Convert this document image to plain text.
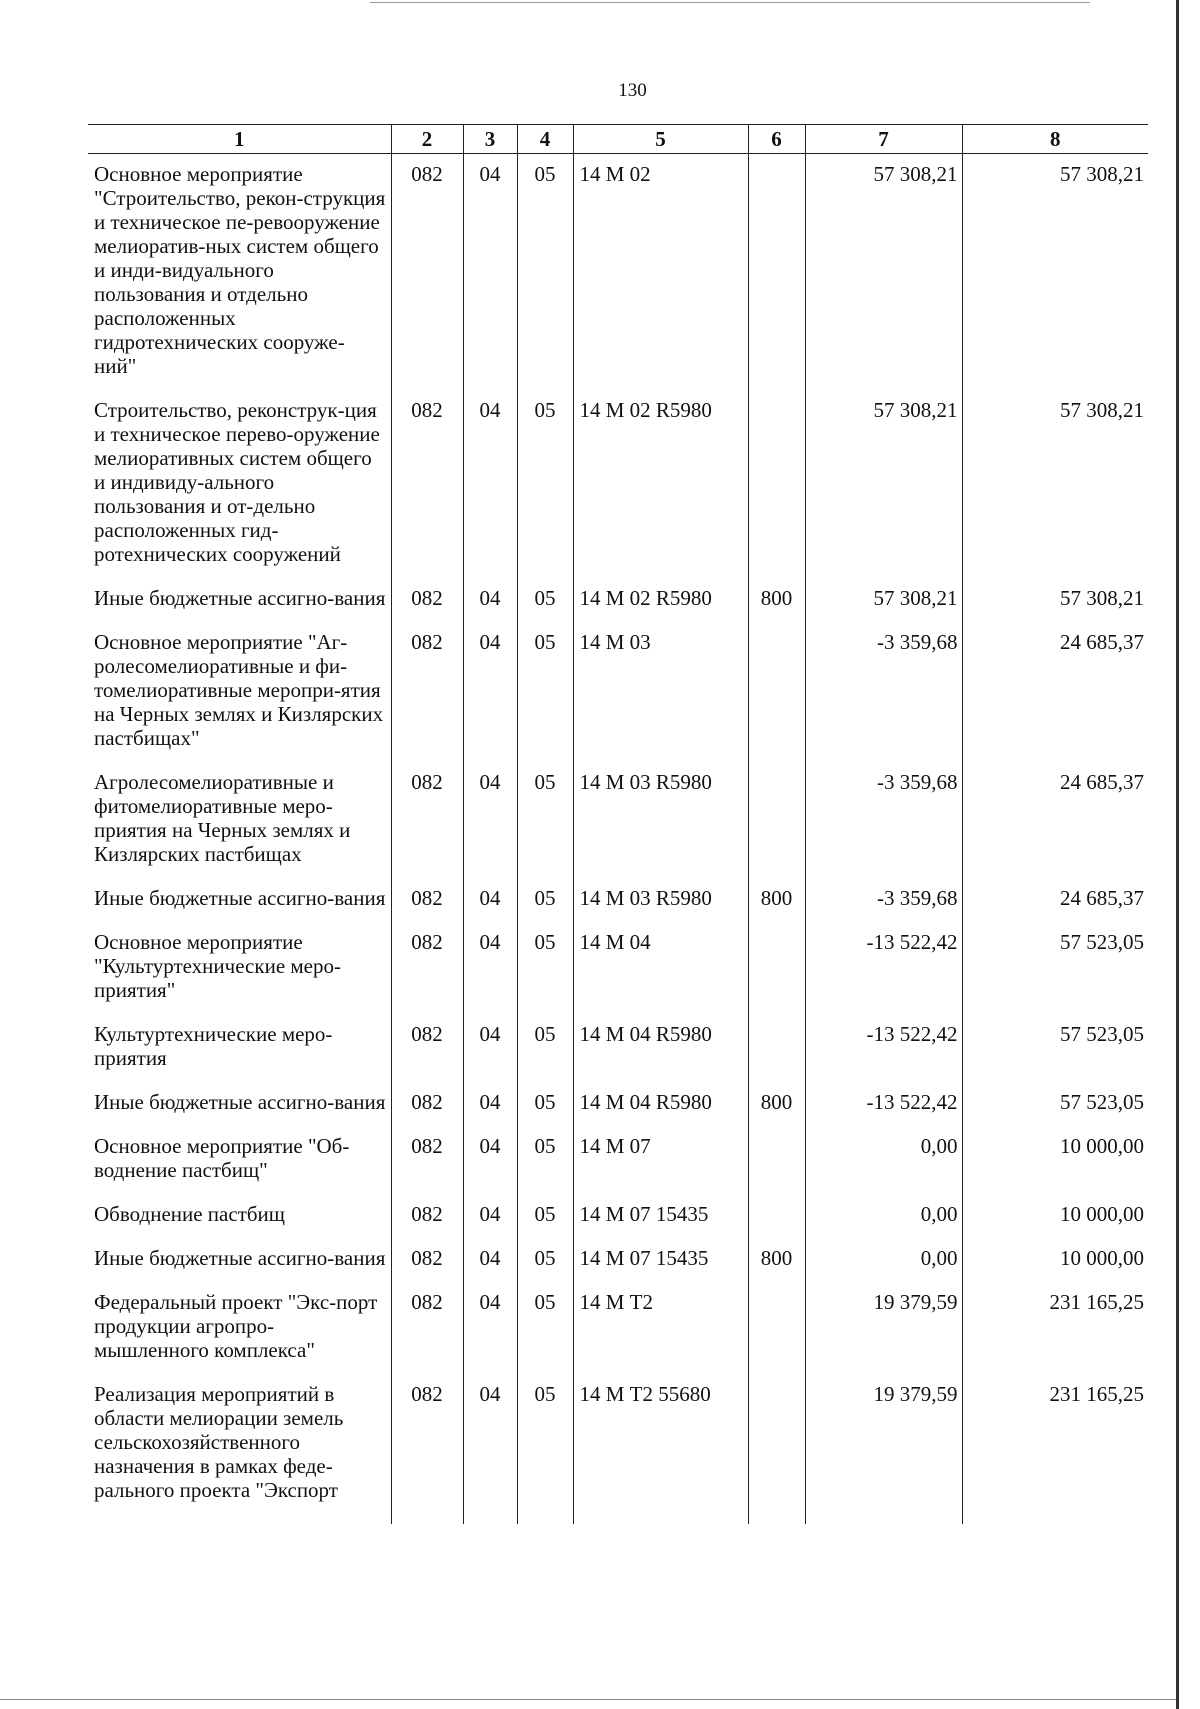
130
1	2	3	4	5	6	7	8
Основное мероприятие "Строительство, рекон-струкция и техническое пе-ревооружение мелиоратив-ных систем общего и инди-видуального пользования и отдельно расположенных гидротехнических сооруже-ний"	082	04	05	14 М 02		57 308,21	57 308,21
Строительство, реконструк-ция и техническое перево-оружение мелиоративных систем общего и индивиду-ального пользования и от-дельно расположенных гид-ротехнических сооружений	082	04	05	14 М 02 R5980		57 308,21	57 308,21
Иные бюджетные ассигно-вания	082	04	05	14 М 02 R5980	800	57 308,21	57 308,21
Основное мероприятие "Аг-ролесомелиоративные и фи-томелиоративные меропри-ятия на Черных землях и Кизлярских пастбищах"	082	04	05	14 М 03		-3 359,68	24 685,37
Агролесомелиоративные и фитомелиоративные меро-приятия на Черных землях и Кизлярских пастбищах	082	04	05	14 М 03 R5980		-3 359,68	24 685,37
Иные бюджетные ассигно-вания	082	04	05	14 М 03 R5980	800	-3 359,68	24 685,37
Основное мероприятие "Культуртехнические меро-приятия"	082	04	05	14 М 04		-13 522,42	57 523,05
Культуртехнические меро-приятия	082	04	05	14 М 04 R5980		-13 522,42	57 523,05
Иные бюджетные ассигно-вания	082	04	05	14 М 04 R5980	800	-13 522,42	57 523,05
Основное мероприятие "Об-воднение пастбищ"	082	04	05	14 М 07		0,00	10 000,00
Обводнение пастбищ	082	04	05	14 М 07 15435		0,00	10 000,00
Иные бюджетные ассигно-вания	082	04	05	14 М 07 15435	800	0,00	10 000,00
Федеральный проект "Экс-порт продукции агропро-мышленного комплекса"	082	04	05	14 М T2		19 379,59	231 165,25
Реализация мероприятий в области мелиорации земель сельскохозяйственного назначения в рамках феде-рального проекта "Экспорт	082	04	05	14 М T2 55680		19 379,59	231 165,25
